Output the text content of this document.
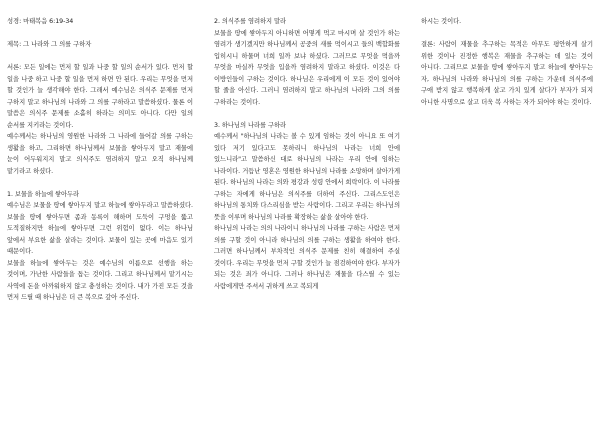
성경: 마태복음 6:19-34
제목: 그 나라와 그 의를 구하자
서론: 모든 일에는 먼저 할 일과 나중 할 일의 순서가 있다. 먼저 할 일을 나중 하고 나중 할 일을 먼저 하면 안 된다. 우리는 무엇을 먼저 할 것인가 늘 생각해야 한다. 그래서 예수님은 의식주 문제를 먼저 구하지 말고 하나님의 나라와 그 의를 구하라고 말씀하셨다. 물론 이 말씀은 의식주 문제를 소홀히 하라는 의미도 아니다. 다만 일의 순서를 지키라는 것이다.
예수께서는 하나님의 영원한 나라와 그 나라에 들어갈 의를 구하는 생활을 하고, 그리하면 하나님께서 보물을 쌓아두지 말고 재물에 눈이 어두워지지 말고 의식주도 염려하지 말고 오직 하나님께 맡기라고 하셨다.
1. 보물을 하늘에 쌓아두라
예수님은 보물을 땅에 쌓아두지 말고 하늘에 쌓아두라고 말씀하셨다. 보물을 땅에 쌓아두면 좀과 동록이 해하며 도둑이 구멍을 뚫고 도적질하지만 하늘에 쌓아두면 그런 위험이 없다. 이는 하나님 앞에서 부요한 삶을 살라는 것이다. 보물이 있는 곳에 마음도 있기 때문이다.
보물을 하늘에 쌓아두는 것은 예수님의 이름으로 선행을 하는 것이며, 가난한 사람들을 돕는 것이다. 그리고 하나님께서 맡기시는 사역에 돈을 아까워하지 않고 충성하는 것이다. 내가 가진 모든 것을 먼저 드릴 때 하나님은 더 큰 복으로 갚아 주신다.
2. 의식주를 염려하지 말라
보물을 땅에 쌓아두지 아니하면 어떻게 먹고 마시며 살 것인가 하는 염려가 생기겠지만 하나님께서 공중의 새를 먹이시고 들의 백합화를 입히시니 하물며 너희 일까 보냐 하셨다. 그러므로 무엇을 먹을까 무엇을 마실까 무엇을 입을까 염려하지 말라고 하셨다. 이것은 다 이방인들이 구하는 것이다. 하나님은 우리에게 이 모든 것이 있어야 할 줄을 아신다. 그러니 염려하지 말고 하나님의 나라와 그의 의를 구하라는 것이다.
3. 하나님의 나라를 구하라
예수께서 "하나님의 나라는 볼 수 있게 임하는 것이 아니요 또 여기 있다 저기 있다고도 못하리니 하나님의 나라는 너희 안에 있느니라"고 말씀하신 대로 하나님의 나라는 우리 안에 임하는 나라이다. 거듭난 영혼은 영원한 하나님의 나라를 소망하며 살아가게 된다. 하나님의 나라는 의와 평강과 성령 안에서 희락이다. 이 나라를 구하는 자에게 하나님은 의식주를 더하여 주신다. 그리스도인은 하나님의 통치와 다스리심을 받는 사람이다. 그리고 우리는 하나님의 뜻을 이루며 하나님의 나라를 확장하는 삶을 살아야 한다.
하나님의 나라는 의의 나라이니 하나님의 나라를 구하는 사람은 먼저 의를 구할 것이 아니라 하나님의 의를 구하는 생활을 하여야 한다. 그러면 하나님께서 부차적인 의식주 문제를 친히 해결하여 주실 것이다. 우리는 무엇을 먼저 구할 것인가 늘 점검하여야 한다. 부자가 되는 것은 죄가 아니다. 그러나 하나님은 재물을 다스릴 수 있는 사람에게만 주셔서 귀하게 쓰고 복되게
하시는 것이다.
결론: 사람이 재물을 추구하는 목적은 아무도 평안하게 살기 위한 것이나 진정한 행복은 재물을 추구하는 데 있는 것이 아니다. 그리므로 보물을 땅에 쌓아두지 말고 하늘에 쌓아두는 자, 하나님의 나라와 하나님의 의를 구하는 가운데 의식주에 구애 받지 않고 행복하게 살고 가치 있게 살다가 부자가 되지 아니한 사명으로 살고 더욱 복 사하는 자가 되어야 하는 것이다.
